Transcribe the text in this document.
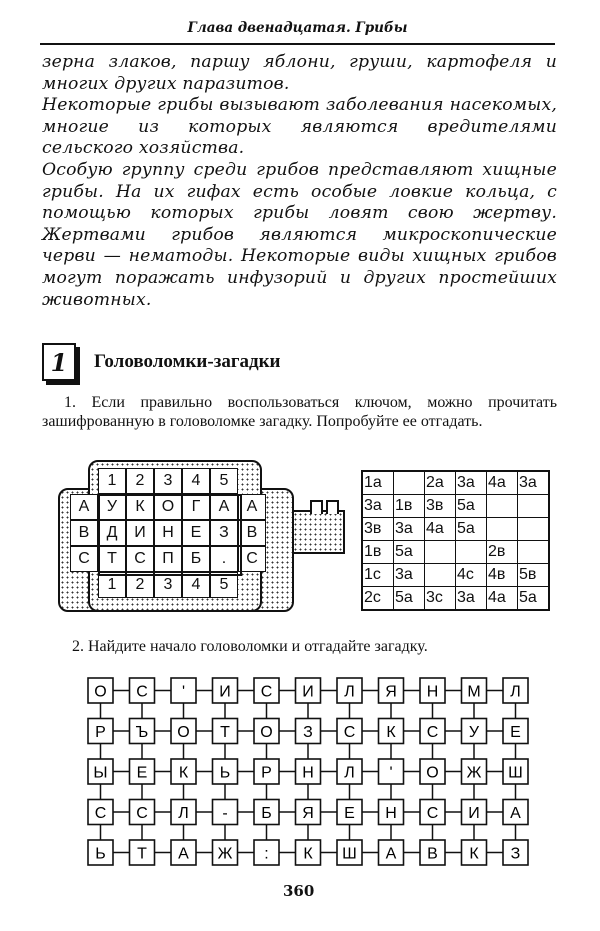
Глава двенадцатая. Грибы

зерна злаков, паршу яблони, груши, картофеля и многих других паразитов.

Некоторые грибы вызывают заболевания насекомых, многие из которых являются вредителями сельского хозяйства.

Особую группу среди грибов представляют хищные грибы. На их гифах есть особые ловкие кольца, с помощью которых грибы ловят свою жертву. Жертвами грибов являются микроскопические черви — нематоды. Некоторые виды хищных грибов могут поражать инфузорий и других простейших животных.

1	Головоломки-загадки
1. Если правильно воспользоваться ключом, можно прочитать зашифрованную в головоломке загадку. Попробуйте ее отгадать.
1	2	3	4	5
А	У	К	О	Г	А	А
В	Д	И	Н	Е	З	В
С	Т	С	П	Б	.	С
1	2	3	4	5
1а		2а	3а	4а	3а
3а	1в	3в	5а		
3в	3а	4а	5а		
1в	5а			2в	
1с	3а		4с	4в	5в
2с	5а	3с	3а	4а	5а
2. Найдите начало головоломки и отгадайте загадку.
О С ' И С И Л Я Н М Л
Р Ъ О Т О З С К С У Е
Ы Е К Ь Р Н Л ' О Ж Ш
С С Л - Б Я Е Н С И А
Ь Т А Ж : К Ш А В К З
360
